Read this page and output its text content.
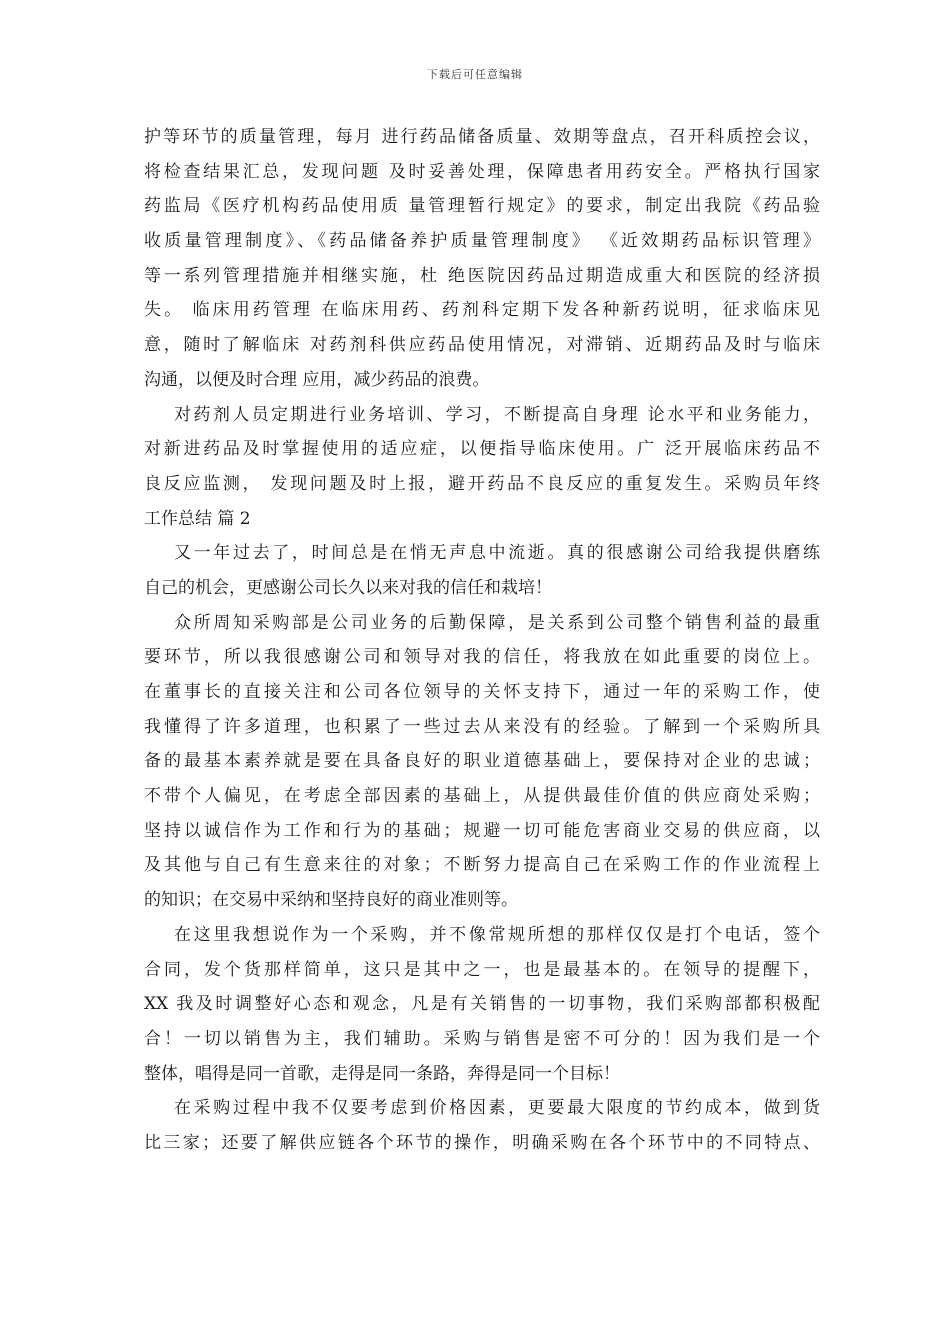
下载后可任意编辑
护等环节的质量管理，每月 进行药品储备质量、效期等盘点，召开科质控会议，
将检查结果汇总，发现问题 及时妥善处理，保障患者用药安全。严格执行国家
药监局《医疗机构药品使用质 量管理暂行规定》的要求，制定出我院《药品验
收质量管理制度》、《药品储备养护质量管理制度》 《近效期药品标识管理》
等一系列管理措施并相继实施，杜 绝医院因药品过期造成重大和医院的经济损
失。 临床用药管理 在临床用药、药剂科定期下发各种新药说明，征求临床见
意，随时了解临床 对药剂科供应药品使用情况，对滞销、近期药品及时与临床
沟通，以便及时合理 应用，减少药品的浪费。
对药剂人员定期进行业务培训、学习，不断提高自身理 论水平和业务能力，
对新进药品及时掌握使用的适应症，以便指导临床使用。广 泛开展临床药品不
良反应监测， 发现问题及时上报，避开药品不良反应的重复发生。采购员年终
工作总结 篇 2
又一年过去了，时间总是在悄无声息中流逝。真的很感谢公司给我提供磨练
自己的机会，更感谢公司长久以来对我的信任和栽培！
众所周知采购部是公司业务的后勤保障，是关系到公司整个销售利益的最重
要环节，所以我很感谢公司和领导对我的信任，将我放在如此重要的岗位上。
在董事长的直接关注和公司各位领导的关怀支持下，通过一年的采购工作，使
我懂得了许多道理，也积累了一些过去从来没有的经验。了解到一个采购所具
备的最基本素养就是要在具备良好的职业道德基础上，要保持对企业的忠诚；
不带个人偏见，在考虑全部因素的基础上，从提供最佳价值的供应商处采购；
坚持以诚信作为工作和行为的基础；规避一切可能危害商业交易的供应商，以
及其他与自己有生意来往的对象；不断努力提高自己在采购工作的作业流程上
的知识；在交易中采纳和坚持良好的商业准则等。
在这里我想说作为一个采购，并不像常规所想的那样仅仅是打个电话，签个
合同，发个货那样简单，这只是其中之一，也是最基本的。在领导的提醒下，
XX 我及时调整好心态和观念，凡是有关销售的一切事物，我们采购部都积极配
合！一切以销售为主，我们辅助。采购与销售是密不可分的！因为我们是一个
整体，唱得是同一首歌，走得是同一条路，奔得是同一个目标！
在采购过程中我不仅要考虑到价格因素，更要最大限度的节约成本，做到货
比三家；还要了解供应链各个环节的操作，明确采购在各个环节中的不同特点、
